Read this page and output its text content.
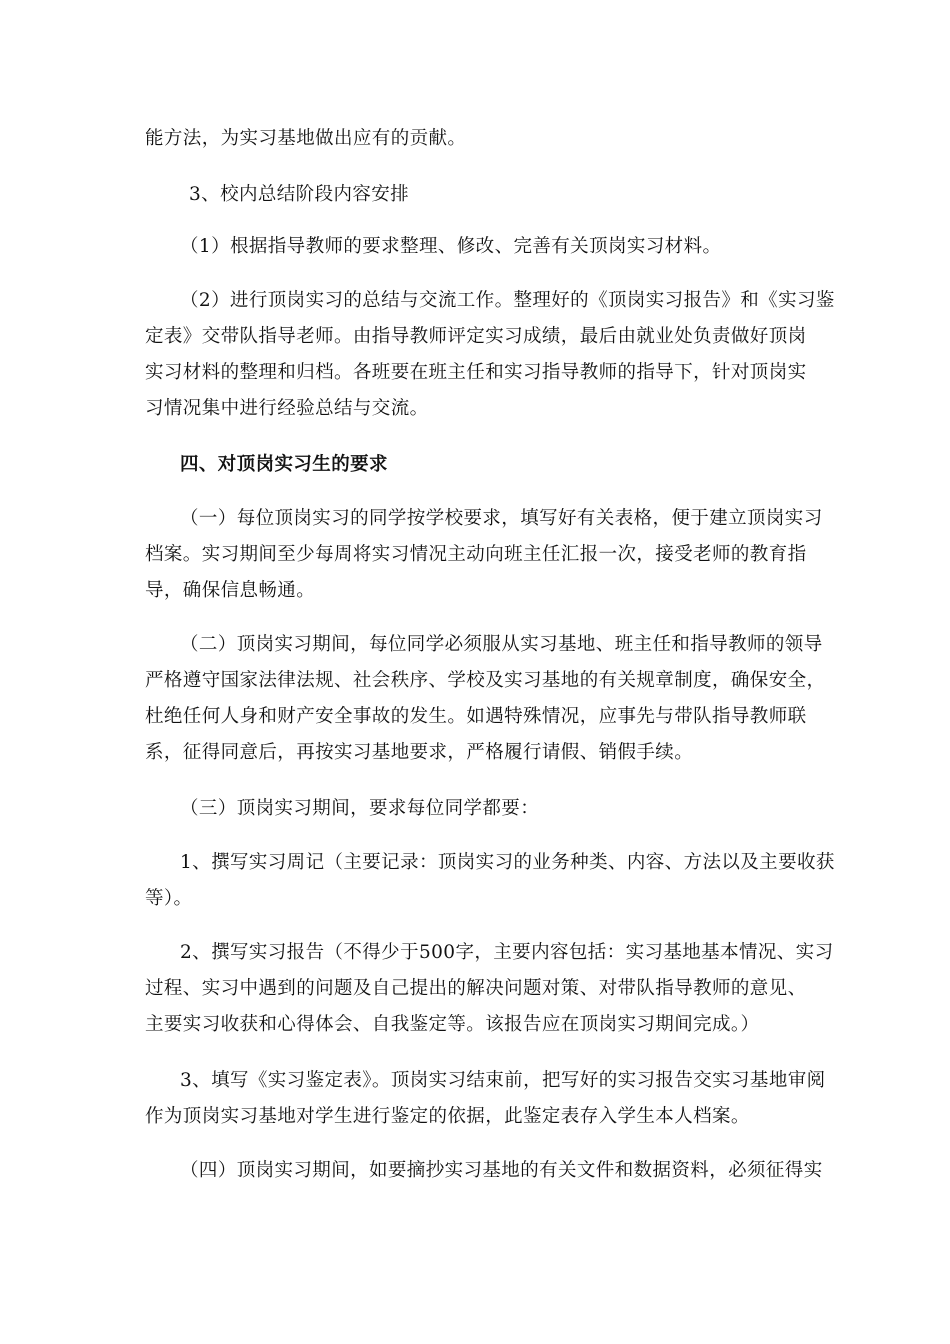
能方法，为实习基地做出应有的贡献。
3、校内总结阶段内容安排
（1）根据指导教师的要求整理、修改、完善有关顶岗实习材料。
（2）进行顶岗实习的总结与交流工作。整理好的《顶岗实习报告》和《实习鉴
定表》交带队指导老师。由指导教师评定实习成绩，最后由就业处负责做好顶岗
实习材料的整理和归档。各班要在班主任和实习指导教师的指导下，针对顶岗实
习情况集中进行经验总结与交流。
四、对顶岗实习生的要求
（一）每位顶岗实习的同学按学校要求，填写好有关表格，便于建立顶岗实习
档案。实习期间至少每周将实习情况主动向班主任汇报一次，接受老师的教育指
导，确保信息畅通。
（二）顶岗实习期间，每位同学必须服从实习基地、班主任和指导教师的领导
严格遵守国家法律法规、社会秩序、学校及实习基地的有关规章制度，确保安全，
杜绝任何人身和财产安全事故的发生。如遇特殊情况，应事先与带队指导教师联
系，征得同意后，再按实习基地要求，严格履行请假、销假手续。
（三）顶岗实习期间，要求每位同学都要：
1、撰写实习周记（主要记录：顶岗实习的业务种类、内容、方法以及主要收获
等）。
2、撰写实习报告（不得少于500字，主要内容包括：实习基地基本情况、实习
过程、实习中遇到的问题及自己提出的解决问题对策、对带队指导教师的意见、
主要实习收获和心得体会、自我鉴定等。该报告应在顶岗实习期间完成。）
3、填写《实习鉴定表》。顶岗实习结束前，把写好的实习报告交实习基地审阅
作为顶岗实习基地对学生进行鉴定的依据，此鉴定表存入学生本人档案。
（四）顶岗实习期间，如要摘抄实习基地的有关文件和数据资料，必须征得实
